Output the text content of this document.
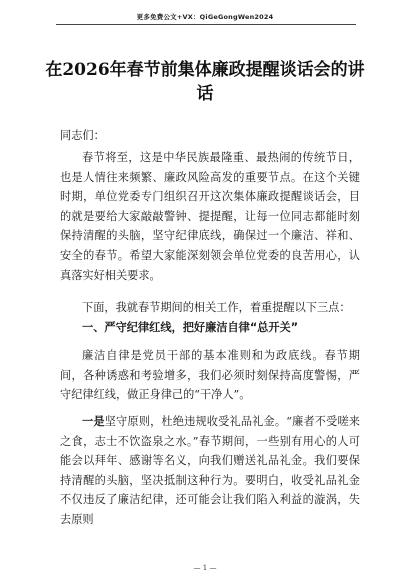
更多免费公文+VX：QiGeGongWen2024
在2026年春节前集体廉政提醒谈话会的讲话
同志们：
春节将至，这是中华民族最隆重、最热闹的传统节日，也是人情往来频繁、廉政风险高发的重要节点。在这个关键时期，单位党委专门组织召开这次集体廉政提醒谈话会，目的就是要给大家敲敲警钟、提提醒，让每一位同志都能时刻保持清醒的头脑，坚守纪律底线，确保过一个廉洁、祥和、安全的春节。希望大家能深刻领会单位党委的良苦用心，认真落实好相关要求。
下面，我就春节期间的相关工作，着重提醒以下三点：
一、严守纪律红线，把好廉洁自律“总开关”
廉洁自律是党员干部的基本准则和为政底线。春节期间，各种诱惑和考验增多，我们必须时刻保持高度警惕，严守纪律红线，做正身律己的“干净人”。
一是坚守原则，杜绝违规收受礼品礼金。“廉者不受嗟来之食，志士不饮盗泉之水。”春节期间，一些别有用心的人可能会以拜年、感谢等名义，向我们赠送礼品礼金。我们要保持清醒的头脑，坚决抵制这种行为。要明白，收受礼品礼金不仅违反了廉洁纪律，还可能会让我们陷入利益的漩涡，失去原则
— 1 —
